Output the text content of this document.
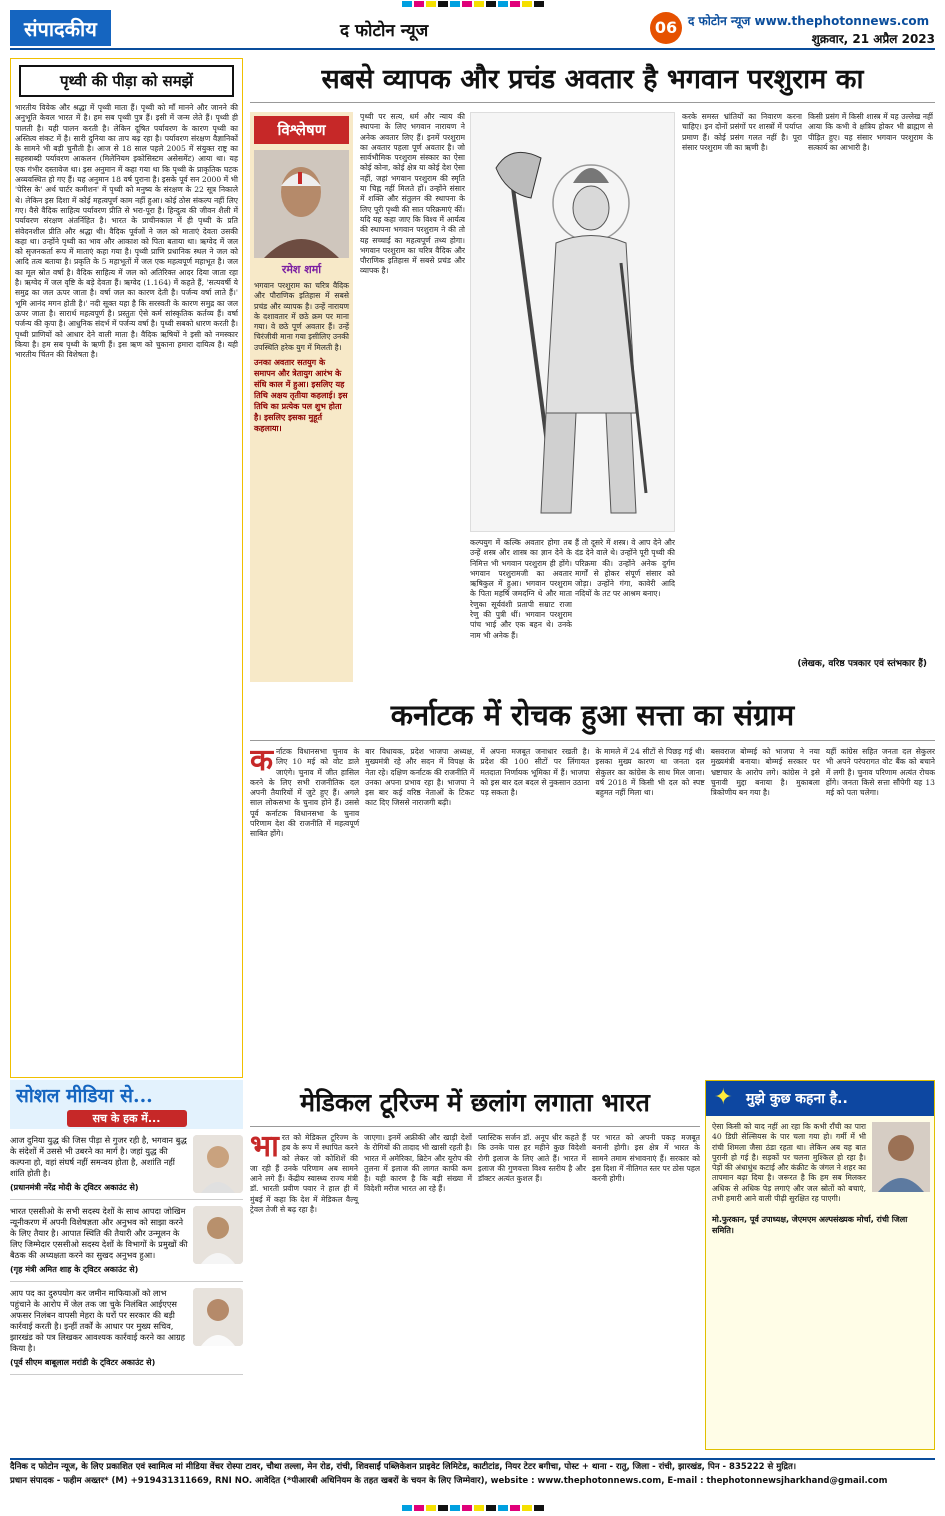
संपादकीय	द फोटोन न्यूज	06 द फोटोन न्यूज www.thephotonnews.com
शुक्रवार, 21 अप्रैल 2023
पृथ्वी की पीड़ा को समझें
भारतीय विवेक और श्रद्धा में पृथ्वी माता हैं। पृथ्वी को माँ मानने और जानने की अनुभूति केवल भारत में है। हम सब पृथ्वी पुत्र हैं। इसी में जन्म लेते हैं। पृथ्वी ही पालती है। यही पालन करती है। लेकिन दूषित पर्यावरण के कारण पृथ्वी का अस्तित्व संकट में है। सारी दुनिया का ताप बढ़ रहा है। पर्यावरण संरक्षण वैज्ञानिकों के सामने भी बड़ी चुनौती है। आज से 18 साल पहले 2005 में संयुक्त राष्ट्र का सहस्त्राब्दी पर्यावरण आकलन (मिलेनियम इकोसिस्टम असेसमेंट) आया था। यह एक गंभीर दस्तावेज था। इस अनुमान में कहा गया था कि पृथ्वी के प्राकृतिक घटक अव्यवस्थित हो गए हैं। यह अनुमान 18 वर्ष पुराना है। इसके पूर्व सन 2000 में भी 'पेरिस के' अर्थ चार्टर कमीशन' में पृथ्वी को मनुष्य के संरक्षण के 22 सूत्र निकाले थे। लेकिन इस दिशा में कोई महत्वपूर्ण काम नहीं हुआ। कोई ठोस संकल्प नहीं लिए गए। वैसे वैदिक साहित्य पर्यावरण प्रीति से भरा-पूरा है। हिन्दुत्व की जीवन शैली में पर्यावरण संरक्षण अंतर्निहित है। भारत के प्राचीनकाल में ही पृथ्वी के प्रति संवेदनशील प्रीति और श्रद्धा थी। वैदिक पूर्वजों ने जल को माताएं देवता उसकी कहा था। उन्होंने पृथ्वी का भाव और आकाश को पिता बताया था। ऋग्वेद में जल को सृजनकर्ता रूप में माताएं कहा गया है। पृथ्वी प्राणि प्रधानिक स्थल ने जल को आदि तत्व बताया है। प्रकृति के 5 महाभूतों में जल एक महत्वपूर्ण महाभूत है। जल का मूल स्रोत वर्षा है। वैदिक साहित्य में जल को अतिरिक्त आदर दिया जाता रहा है। ऋग्वेद में जल वृष्टि के बड़े देवता हैं। ऋग्वेद (1.164) में कहते हैं, 'सत्यवर्षी ये समुद्र का जल ऊपर जाता है। वर्षा जल का कारण देती है। पर्जन्य वर्षा लाते हैं।' भूमि आनंद मगन होती है।' नदी सूक्त यहा है कि सरस्वती के कारण समुद्र का जल ऊपर जाता है। सारार्थ महत्वपूर्ण है। प्रस्तुतः ऐसे कर्म सांस्कृतिक कर्तव्य हैं। वर्षा पर्जन्य की कृपा है। आधुनिक संदर्भ में पर्जन्य वर्षा है। पृथ्वी सबको धारण करती है। पृथ्वी प्राणियों को आधार देने वाली माता है। वैदिक ऋषियों ने इसी को नमस्कार किया है। हम सब पृथ्वी के ऋणी हैं। इस ऋण को चुकाना हमारा दायित्व है। यही भारतीय चिंतन की विशेषता है।
सबसे व्यापक और प्रचंड अवतार है भगवान परशुराम का
विश्लेषण
रमेश शर्मा
भगवान परशुराम का चरित्र वैदिक और पौराणिक इतिहास में सबसे प्रचंड और व्यापक है। उन्हें नारायण के दशावतार में छठे क्रम पर माना गया। वे छठे पूर्ण अवतार हैं। उन्हें चिरंजीवी माना गया इसीलिए उनकी उपस्थिति हरेक युग में मिलती है।
उनका अवतार सतयुग के समापन और त्रेतायुग आरंभ के संधि काल में हुआ। इसलिए यह तिथि अक्षय तृतीया कहलाई। इस तिथि का प्रत्येक पल शुभ होता है। इसलिए इसका मुहूर्त कहलाया।
पृथ्वी पर सत्य, धर्म और न्याय की स्थापना के लिए भगवान नारायण ने अनेक अवतार लिए हैं। इनमें परशुराम का अवतार पहला पूर्ण अवतार है। जो सार्वभौमिक परशुराम संस्कार का ऐसा कोई कोना, कोई क्षेत्र या कोई देश ऐसा नहीं, जहां भगवान परशुराम की स्मृति या चिह्न नहीं मिलते हों। उन्होंने संसार में शक्ति और संतुलन की स्थापना के लिए पूरी पृथ्वी की सात परिक्रमाएं कीं। यदि यह कहा जाए कि विश्व में आर्यत्व की स्थापना भगवान परशुराम ने की तो यह सच्चाई का महत्वपूर्ण तथ्य होगा। भगवान परशुराम का चरित्र वैदिक और पौराणिक इतिहास में सबसे प्रचंड और व्यापक है।
कल्पयुग में कल्कि अवतार होगा तब उन्हें शस्त्र और शास्त्र का ज्ञान देने के निमित्त भी भगवान परशुराम ही होंगे। भगवान परशुरामजी का अवतार ऋषिकुल में हुआ। भगवान परशुराम के पिता महर्षि जमदग्नि थे और माता रेणुका सूर्यवंशी प्रतापी सम्राट राजा रेणु की पुत्री थीं। भगवान परशुराम पांच भाई और एक बहन थे। उनके नाम भी अनेक हैं।
हैं तो दूसरे में शस्त्र। वे आप देने और दंड देने वाले थे। उन्होंने पूरी पृथ्वी की परिक्रमा की। उन्होंने अनेक दुर्गम मार्गों से होकर संपूर्ण संसार को जोड़ा। उन्होंने गंगा, कावेरी आदि नदियों के तट पर आश्रम बनाए।
करके समस्त भ्रांतियों का निवारण करना चाहिए। इन दोनों प्रसंगों पर शास्त्रों में पर्याप्त प्रमाण हैं। कोई प्रसंग गलत नहीं है। पूरा संसार परशुराम जी का ऋणी है।
किसी प्रसंग में किसी शास्त्र में यह उल्लेख नहीं आया कि कभी वे क्षत्रिय होकर भी ब्राह्मण से पीड़ित हुए। यह संसार भगवान परशुराम के सत्कार्य का आभारी है।
(लेखक, वरिष्ठ पत्रकार एवं स्तंभकार हैं)
कर्नाटक में रोचक हुआ सत्ता का संग्राम
क र्नाटक विधानसभा चुनाव के लिए 10 मई को वोट डाले जाएंगे। चुनाव में जीत हासिल करने के लिए सभी राजनीतिक दल अपनी तैयारियों में जुटे हुए हैं। अगले साल लोकसभा के चुनाव होने हैं। उससे पूर्व कर्नाटक विधानसभा के चुनाव परिणाम देश की राजनीति में महत्वपूर्ण साबित होंगे।
बार विधायक, प्रदेश भाजपा अध्यक्ष, मुख्यमंत्री रहे और सदन में विपक्ष के नेता रहे। दक्षिण कर्नाटक की राजनीति में उनका अपना प्रभाव रहा है। भाजपा ने इस बार कई वरिष्ठ नेताओं के टिकट काट दिए जिससे नाराजगी बढ़ी।
में अपना मजबूत जनाधार रखती है। प्रदेश की 100 सीटों पर लिंगायत मतदाता निर्णायक भूमिका में हैं। भाजपा को इस बार दल बदल से नुकसान उठाना पड़ सकता है।
के मामले में 24 सीटों से पिछड़ गई थी। इसका मुख्य कारण था जनता दल सेकुलर का कांग्रेस के साथ मिल जाना। वर्ष 2018 में किसी भी दल को स्पष्ट बहुमत नहीं मिला था।
बसवराज बोम्मई को भाजपा ने नया मुख्यमंत्री बनाया। बोम्मई सरकार पर भ्रष्टाचार के आरोप लगे। कांग्रेस ने इसे चुनावी मुद्दा बनाया है। मुकाबला त्रिकोणीय बन गया है।
यहीं कांग्रेस सहित जनता दल सेकुलर भी अपने परंपरागत वोट बैंक को बचाने में लगी है। चुनाव परिणाम अत्यंत रोचक होंगे। जनता किसे सत्ता सौंपेगी यह 13 मई को पता चलेगा।
सोशल मीडिया से...
सच के हक में...
आज दुनिया युद्ध की जिस पीड़ा से गुजर रही है, भगवान बुद्ध के संदेशों में उससे भी उबरने का मार्ग है। जहां युद्ध की कल्पना हो, वहां संघर्ष नहीं समन्वय होता है, अशांति नहीं शांति होती है।
(प्रधानमंत्री नरेंद्र मोदी के ट्विटर अकाउंट से)
भारत एससीओ के सभी सदस्य देशों के साथ आपदा जोखिम न्यूनीकरण में अपनी विशेषज्ञता और अनुभव को साझा करने के लिए तैयार है। आपात स्थिति की तैयारी और उन्मूलन के लिए जिम्मेदार एससीओ सदस्य देशों के विभागों के प्रमुखों की बैठक की अध्यक्षता करने का सुखद अनुभव हुआ।
(गृह मंत्री अमित शाह के ट्विटर अकाउंट से)
आप पद का दुरुपयोग कर जमीन माफियाओं को लाभ पहुंचाने के आरोप में जेल तक जा चुके निलंबित आईएएस अफसर निलंबन वापसी मेहरा के घरों पर सरकार की बड़ी कार्रवाई करती है। इन्हीं तर्कों के आधार पर मुख्य सचिव, झारखंड को पत्र लिखकर आवश्यक कार्रवाई करने का आग्रह किया है।
(पूर्व सीएम बाबूलाल मरांडी के ट्विटर अकाउंट से)
मेडिकल टूरिज्म में छलांग लगाता भारत
भा रत को मेडिकल टूरिज्म के हब के रूप में स्थापित करने को लेकर जो कोशिशें की जा रही हैं उनके परिणाम अब सामने आने लगे हैं। केंद्रीय स्वास्थ्य राज्य मंत्री डॉ. भारती प्रवीण पवार ने हाल ही में मुंबई में कहा कि देश में मेडिकल वैल्यू ट्रेवल तेजी से बढ़ रहा है।
जाएगा। इनमें अफ्रीकी और खाड़ी देशों के रोगियों की तादाद भी खासी रहती है। भारत में अमेरिका, ब्रिटेन और यूरोप की तुलना में इलाज की लागत काफी कम है। यही कारण है कि बड़ी संख्या में विदेशी मरीज भारत आ रहे हैं।
प्लास्टिक सर्जन डॉ. अनूप धीर कहते हैं कि उनके पास हर महीने कुछ विदेशी रोगी इलाज के लिए आते हैं। भारत में इलाज की गुणवत्ता विश्व स्तरीय है और डॉक्टर अत्यंत कुशल हैं।
पर भारत को अपनी पकड़ मजबूत बनानी होगी। इस क्षेत्र में भारत के सामने तमाम संभावनाएं हैं। सरकार को इस दिशा में नीतिगत स्तर पर ठोस पहल करनी होगी।
✦ मुझे कुछ कहना है..
ऐसा किसी को याद नहीं आ रहा कि कभी राँची का पारा 40 डिग्री सेल्सियस के पार चला गया हो। गर्मी में भी रांची शिमला जैसा ठंडा रहता था। लेकिन अब यह बात पुरानी हो गई है। सड़कों पर चलना मुश्किल हो रहा है। पेड़ों की अंधाधुंध कटाई और कंक्रीट के जंगल ने शहर का तापमान बढ़ा दिया है। जरूरत है कि हम सब मिलकर अधिक से अधिक पेड़ लगाएं और जल स्रोतों को बचाएं, तभी हमारी आने वाली पीढ़ी सुरक्षित रह पाएगी।
मो.फुरकान, पूर्व उपाध्यक्ष, जेएमएम अल्पसंख्यक मोर्चा, रांची जिला समिति।
दैनिक द फोटोन न्यूज, के लिए प्रकाशित एवं स्वामित्व मां मीडिया वेंचर रोस्पा टावर, चौथा तल्ला, मेन रोड, रांची, शिवसाईं पब्लिकेशन प्राइवेट लिमिटेड, काटीटांड, नियर टेटर बगीचा, पोस्ट + थाना - रातु, जिला - रांची, झारखंड, पिन - 835222 से मुद्रित।
प्रधान संपादक - फहीम अख्तर* (M) +919431311669, RNI NO. आवेदित (*पीआरबी अधिनियम के तहत खबरों के चयन के लिए जिम्मेवार), website : www.thephotonnews.com, E-mail : thephotonnewsjharkhand@gmail.com
